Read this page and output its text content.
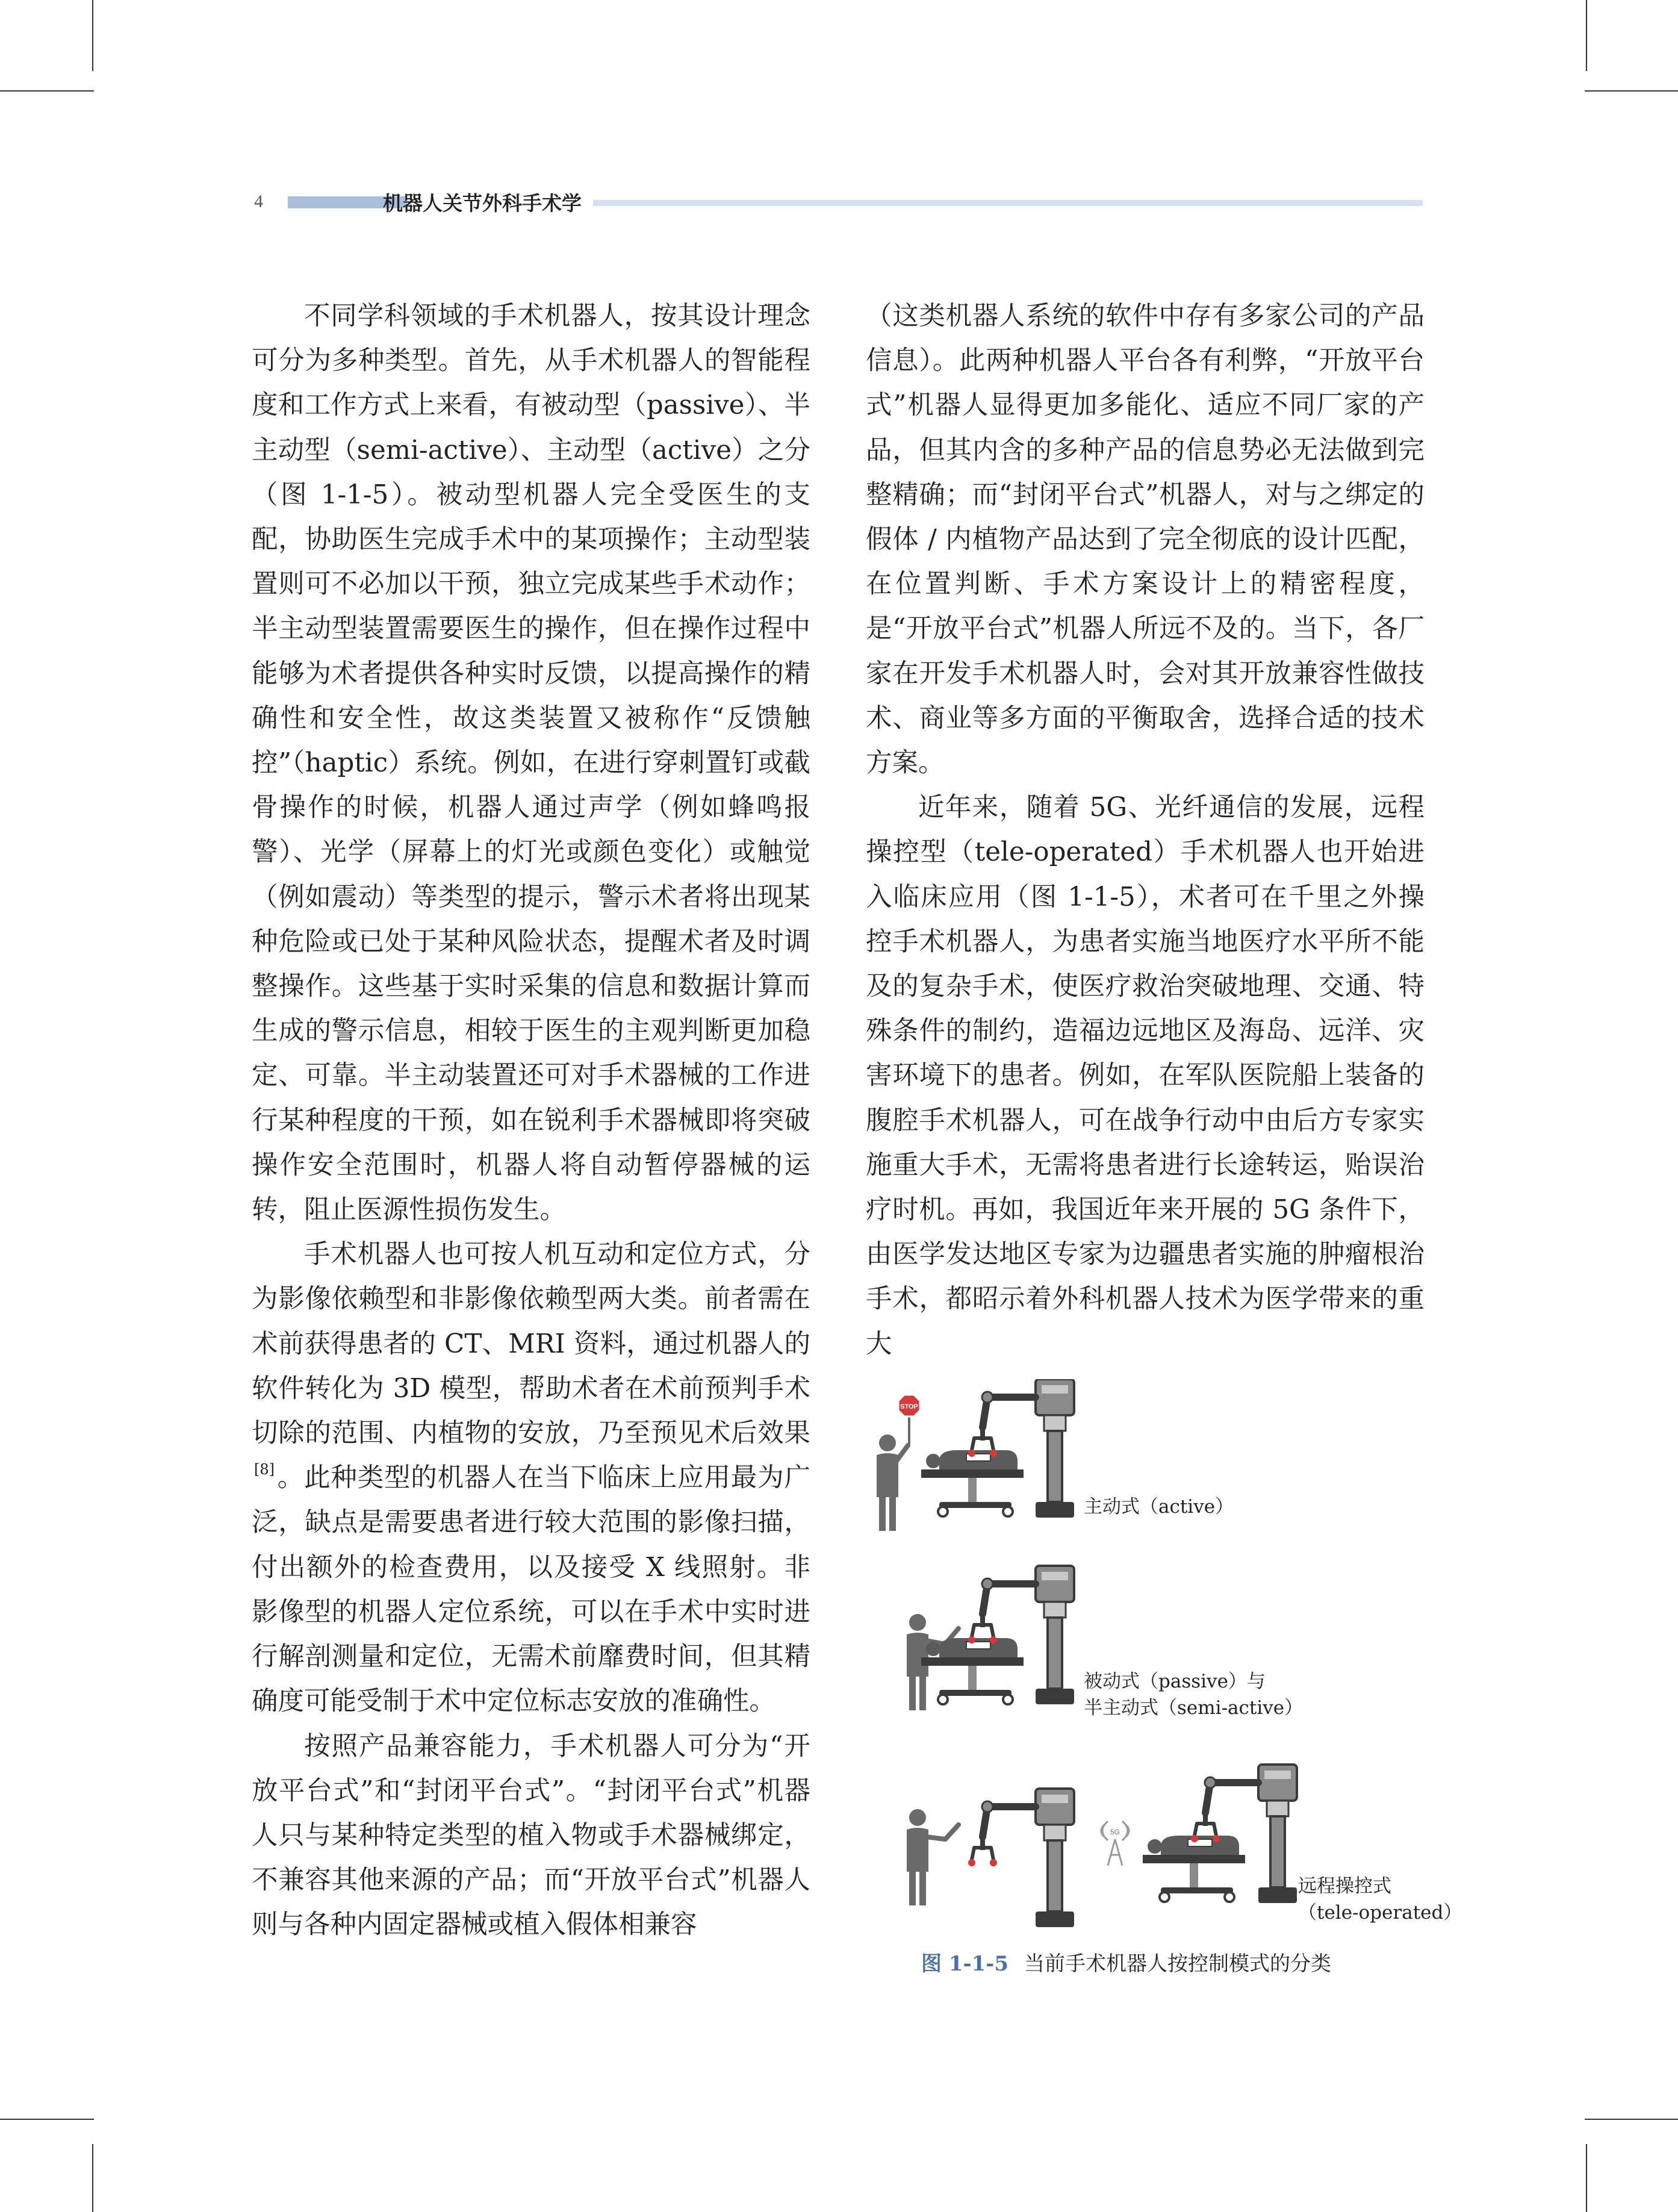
4	机器人关节外科手术学

不同学科领域的手术机器人，按其设计理念可分为多种类型。首先，从手术机器人的智能程度和工作方式上来看，有被动型（passive）、半主动型（semi-active）、主动型（active）之分（图 1-1-5）。被动型机器人完全受医生的支配，协助医生完成手术中的某项操作；主动型装置则可不必加以干预，独立完成某些手术动作；半主动型装置需要医生的操作，但在操作过程中能够为术者提供各种实时反馈，以提高操作的精确性和安全性，故这类装置又被称作“反馈触控”（haptic）系统。例如，在进行穿刺置钉或截骨操作的时候，机器人通过声学（例如蜂鸣报警）、光学（屏幕上的灯光或颜色变化）或触觉（例如震动）等类型的提示，警示术者将出现某种危险或已处于某种风险状态，提醒术者及时调整操作。这些基于实时采集的信息和数据计算而生成的警示信息，相较于医生的主观判断更加稳定、可靠。半主动装置还可对手术器械的工作进行某种程度的干预，如在锐利手术器械即将突破操作安全范围时，机器人将自动暂停器械的运转，阻止医源性损伤发生。

手术机器人也可按人机互动和定位方式，分为影像依赖型和非影像依赖型两大类。前者需在术前获得患者的 CT、MRI 资料，通过机器人的软件转化为 3D 模型，帮助术者在术前预判手术切除的范围、内植物的安放，乃至预见术后效果[8]。此种类型的机器人在当下临床上应用最为广泛，缺点是需要患者进行较大范围的影像扫描，付出额外的检查费用，以及接受 X 线照射。非影像型的机器人定位系统，可以在手术中实时进行解剖测量和定位，无需术前靡费时间，但其精确度可能受制于术中定位标志安放的准确性。

按照产品兼容能力，手术机器人可分为“开放平台式”和“封闭平台式”。“封闭平台式”机器人只与某种特定类型的植入物或手术器械绑定，不兼容其他来源的产品；而“开放平台式”机器人则与各种内固定器械或植入假体相兼容

（这类机器人系统的软件中存有多家公司的产品信息）。此两种机器人平台各有利弊，“开放平台式”机器人显得更加多能化、适应不同厂家的产品，但其内含的多种产品的信息势必无法做到完整精确；而“封闭平台式”机器人，对与之绑定的假体 / 内植物产品达到了完全彻底的设计匹配，在位置判断、手术方案设计上的精密程度，是“开放平台式”机器人所远不及的。当下，各厂家在开发手术机器人时，会对其开放兼容性做技术、商业等多方面的平衡取舍，选择合适的技术方案。

近年来，随着 5G、光纤通信的发展，远程操控型（tele-operated）手术机器人也开始进入临床应用（图 1-1-5），术者可在千里之外操控手术机器人，为患者实施当地医疗水平所不能及的复杂手术，使医疗救治突破地理、交通、特殊条件的制约，造福边远地区及海岛、远洋、灾害环境下的患者。例如，在军队医院船上装备的腹腔手术机器人，可在战争行动中由后方专家实施重大手术，无需将患者进行长途转运，贻误治疗时机。再如，我国近年来开展的 5G 条件下，由医学发达地区专家为边疆患者实施的肿瘤根治手术，都昭示着外科机器人技术为医学带来的重大

STOP
5G
主动式（active）
被动式（passive）与
半主动式（semi-active）
远程操控式
（tele-operated）
图 1-1-5 当前手术机器人按控制模式的分类
